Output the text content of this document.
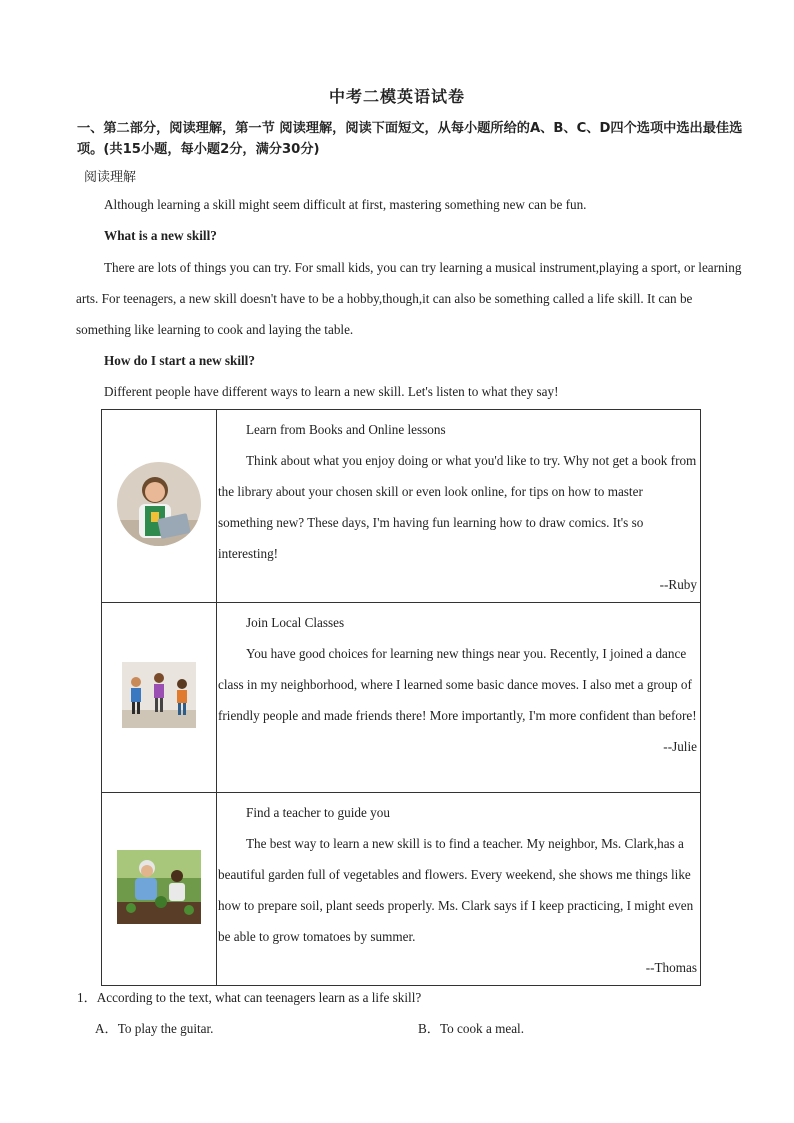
中考二模英语试卷
一、第二部分，阅读理解，第一节 阅读理解，阅读下面短文，从每小题所给的A、B、C、D四个选项中选出最佳选项。(共15小题，每小题2分，满分30分)
阅读理解
Although learning a skill might seem difficult at first, mastering something new can be fun.
What is a new skill?
There are lots of things you can try. For small kids, you can try learning a musical instrument,playing a sport, or learning arts. For teenagers, a new skill doesn't have to be a hobby,though,it can also be something called a life skill. It can be something like learning to cook and laying the table.
How do I start a new skill?
Different people have different ways to learn a new skill. Let's listen to what they say!

Learn from Books and Online lessons
Think about what you enjoy doing or what you'd like to try. Why not get a book from the library about your chosen skill or even look online, for tips on how to master something new? These days, I'm having fun learning how to draw comics. It's so interesting!
--Ruby

Join Local Classes
You have good choices for learning new things near you. Recently, I joined a dance class in my neighborhood, where I learned some basic dance moves. I also met a group of friendly people and made friends there! More importantly, I'm more confident than before!
--Julie

Find a teacher to guide you
The best way to learn a new skill is to find a teacher. My neighbor, Ms. Clark,has a beautiful garden full of vegetables and flowers. Every weekend, she shows me things like how to prepare soil, plant seeds properly. Ms. Clark says if I keep practicing, I might even be able to grow tomatoes by summer.
--Thomas
1．According to the text, what can teenagers learn as a life skill?
A．To play the guitar.	B．To cook a meal.
